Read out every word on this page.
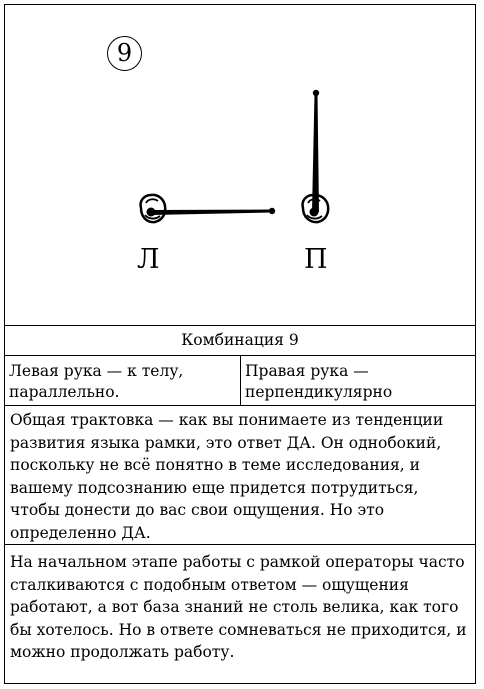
9
Л	П
Комбинация 9
Левая рука — к телу, параллельно.
Правая рука — перпендикулярно
Общая трактовка — как вы понимаете из тенденции развития языка рамки, это ответ ДА. Он однобокий, поскольку не всё понятно в теме исследования, и вашему подсознанию еще придется потрудиться, чтобы донести до вас свои ощущения. Но это определенно ДА.
На начальном этапе работы с рамкой операторы часто сталкиваются с подобным ответом — ощущения работают, а вот база знаний не столь велика, как того бы хотелось. Но в ответе сомневаться не приходится, и можно продолжать работу.
